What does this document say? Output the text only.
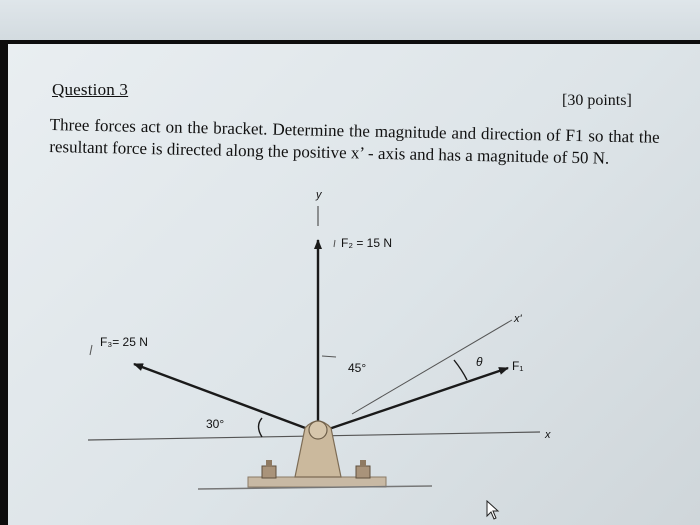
Question 3
[30 points]
Three forces act on the bracket. Determine the magnitude and direction of F1 so that the resultant force is directed along the positive x’ - axis and has a magnitude of 50 N.
y
x
x'
F₂ = 15 N
F₃= 25 N
F₁
45°
30°
θ
